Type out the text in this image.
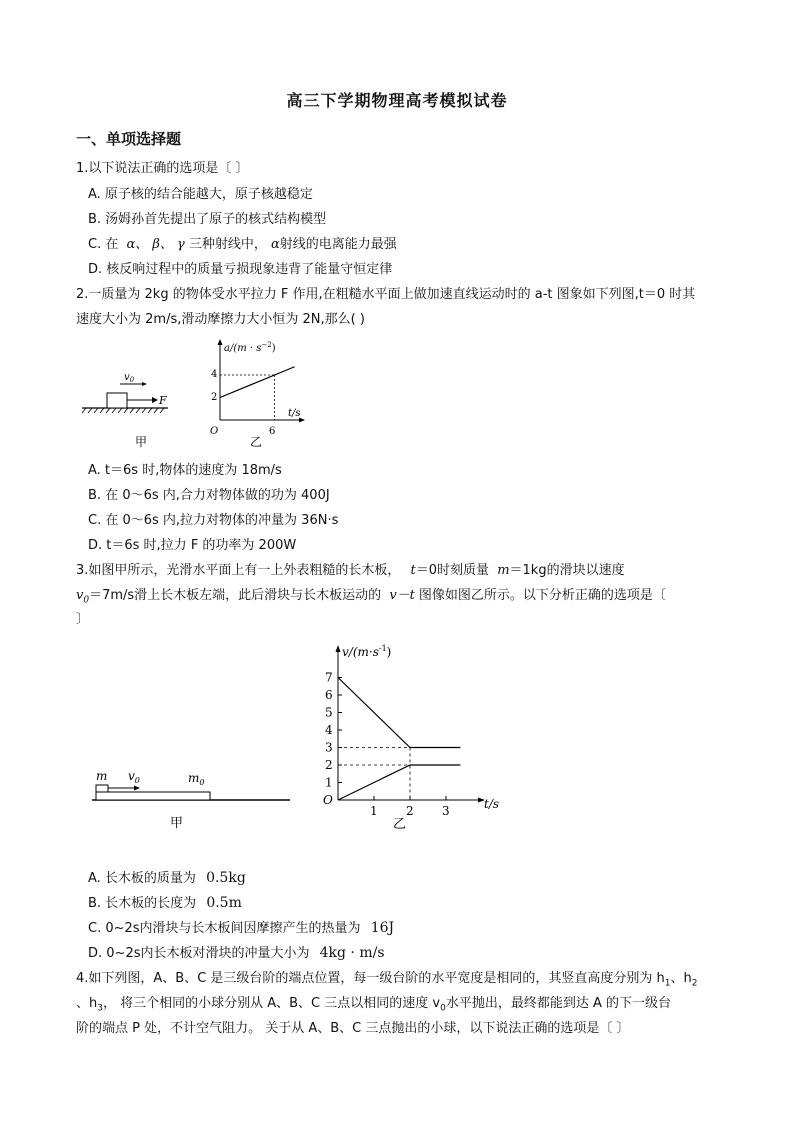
高三下学期物理高考模拟试卷
一、单项选择题
1.以下说法正确的选项是〔 〕
A. 原子核的结合能越大，原子核越稳定
B. 汤姆孙首先提出了原子的核式结构模型
C. 在 α、 β、 γ 三种射线中， α射线的电离能力最强
D. 核反响过程中的质量亏损现象违背了能量守恒定律
2.一质量为 2kg 的物体受水平拉力 F 作用,在粗糙水平面上做加速直线运动时的 a-t 图象如下列图,t＝0 时其
速度大小为 2m/s,滑动摩擦力大小恒为 2N,那么( )
F
$v_0$
甲
$a/(m \cdot s^{-2})$
t/s
O
4
2
6
乙
A. t＝6s 时,物体的速度为 18m/s
B. 在 0～6s 内,合力对物体做的功为 400J
C. 在 0～6s 内,拉力对物体的冲量为 36N·s
D. t＝6s 时,拉力 F 的功率为 200W
3.如图甲所示，光滑水平面上有一上外表粗糙的长木板， t＝0时刻质量 m＝1kg的滑块以速度
$v_0=7m/s$滑上长木板左端，此后滑块与长木板运动的 v－t 图像如图乙所示。以下分析正确的选项是〔
〕
m $v_0$	$m_0$
甲
$v/(m\cdot s^{-1})$
t/s
O
7
6
5
4
3
2
1
1 2 3
乙
A. 长木板的质量为 0.5kg
B. 长木板的长度为 0.5m
C. 0~2s内滑块与长木板间因摩擦产生的热量为 16J
D. 0~2s内长木板对滑块的冲量大小为 4kg · m/s
4.如下列图，A、B、C 是三级台阶的端点位置，每一级台阶的水平宽度是相同的，其竖直高度分别为 $h_1$、$h_2$
、$h_3$， 将三个相同的小球分别从 A、B、C 三点以相同的速度 $v_0$水平抛出，最终都能到达 A 的下一级台
阶的端点 P 处，不计空气阻力。 关于从 A、B、C 三点抛出的小球，以下说法正确的选项是〔 〕
